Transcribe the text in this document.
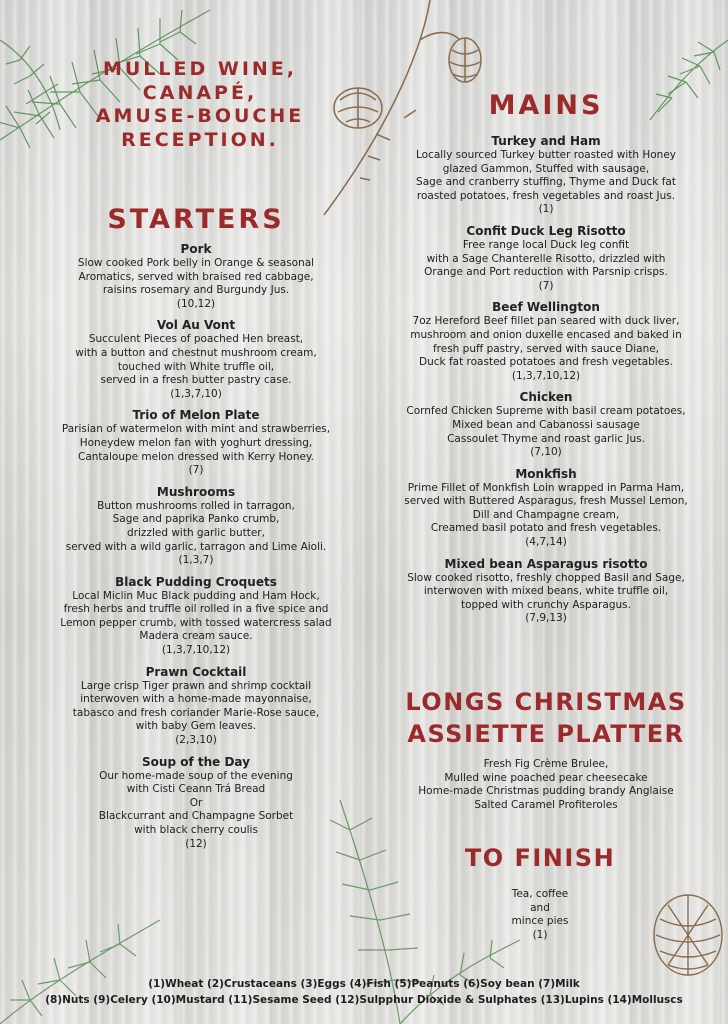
MULLED WINE,
CANAPÉ,
AMUSE-BOUCHE
RECEPTION.
STARTERS
Pork
Slow cooked Pork belly in Orange & seasonal
Aromatics, served with braised red cabbage,
raisins rosemary and Burgundy Jus.
(10,12)
Vol Au Vont
Succulent Pieces of poached Hen breast,
with a button and chestnut mushroom cream,
touched with White truffle oil,
served in a fresh butter pastry case.
(1,3,7,10)
Trio of Melon Plate
Parisian of watermelon with mint and strawberries,
Honeydew melon fan with yoghurt dressing,
Cantaloupe melon dressed with Kerry Honey.
(7)
Mushrooms
Button mushrooms rolled in tarragon,
Sage and paprika Panko crumb,
drizzled with garlic butter,
served with a wild garlic, tarragon and Lime Aioli.
(1,3,7)
Black Pudding Croquets
Local Miclin Muc Black pudding and Ham Hock,
fresh herbs and truffle oil rolled in a five spice and
Lemon pepper crumb, with tossed watercress salad
Madera cream sauce.
(1,3,7,10,12)
Prawn Cocktail
Large crisp Tiger prawn and shrimp cocktail
interwoven with a home-made mayonnaise,
tabasco and fresh coriander Marie-Rose sauce,
with baby Gem leaves.
(2,3,10)
Soup of the Day
Our home-made soup of the evening
with Cisti Ceann Trá Bread
Or
Blackcurrant and Champagne Sorbet
with black cherry coulis
(12)
MAINS
Turkey and Ham
Locally sourced Turkey butter roasted with Honey
glazed Gammon, Stuffed with sausage,
Sage and cranberry stuffing, Thyme and Duck fat
roasted potatoes, fresh vegetables and roast Jus.
(1)
Confit Duck Leg Risotto
Free range local Duck leg confit
with a Sage Chanterelle Risotto, drizzled with
Orange and Port reduction with Parsnip crisps.
(7)
Beef Wellington
7oz Hereford Beef fillet pan seared with duck liver,
mushroom and onion duxelle encased and baked in
fresh puff pastry, served with sauce Diane,
Duck fat roasted potatoes and fresh vegetables.
(1,3,7,10,12)
Chicken
Cornfed Chicken Supreme with basil cream potatoes,
Mixed bean and Cabanossi sausage
Cassoulet Thyme and roast garlic Jus.
(7,10)
Monkfish
Prime Fillet of Monkfish Loin wrapped in Parma Ham,
served with Buttered Asparagus, fresh Mussel Lemon,
Dill and Champagne cream,
Creamed basil potato and fresh vegetables.
(4,7,14)
Mixed bean Asparagus risotto
Slow cooked risotto, freshly chopped Basil and Sage,
interwoven with mixed beans, white truffle oil,
topped with crunchy Asparagus.
(7,9,13)
LONGS CHRISTMAS
ASSIETTE PLATTER
Fresh Fig Crème Brulee,
Mulled wine poached pear cheesecake
Home-made Christmas pudding brandy Anglaise
Salted Caramel Profiteroles
TO FINISH
Tea, coffee
and
mince pies
(1)
(1)Wheat (2)Crustaceans (3)Eggs (4)Fish (5)Peanuts (6)Soy bean (7)Milk
(8)Nuts (9)Celery (10)Mustard (11)Sesame Seed (12)Sulpphur Dioxide & Sulphates (13)Lupins (14)Molluscs
